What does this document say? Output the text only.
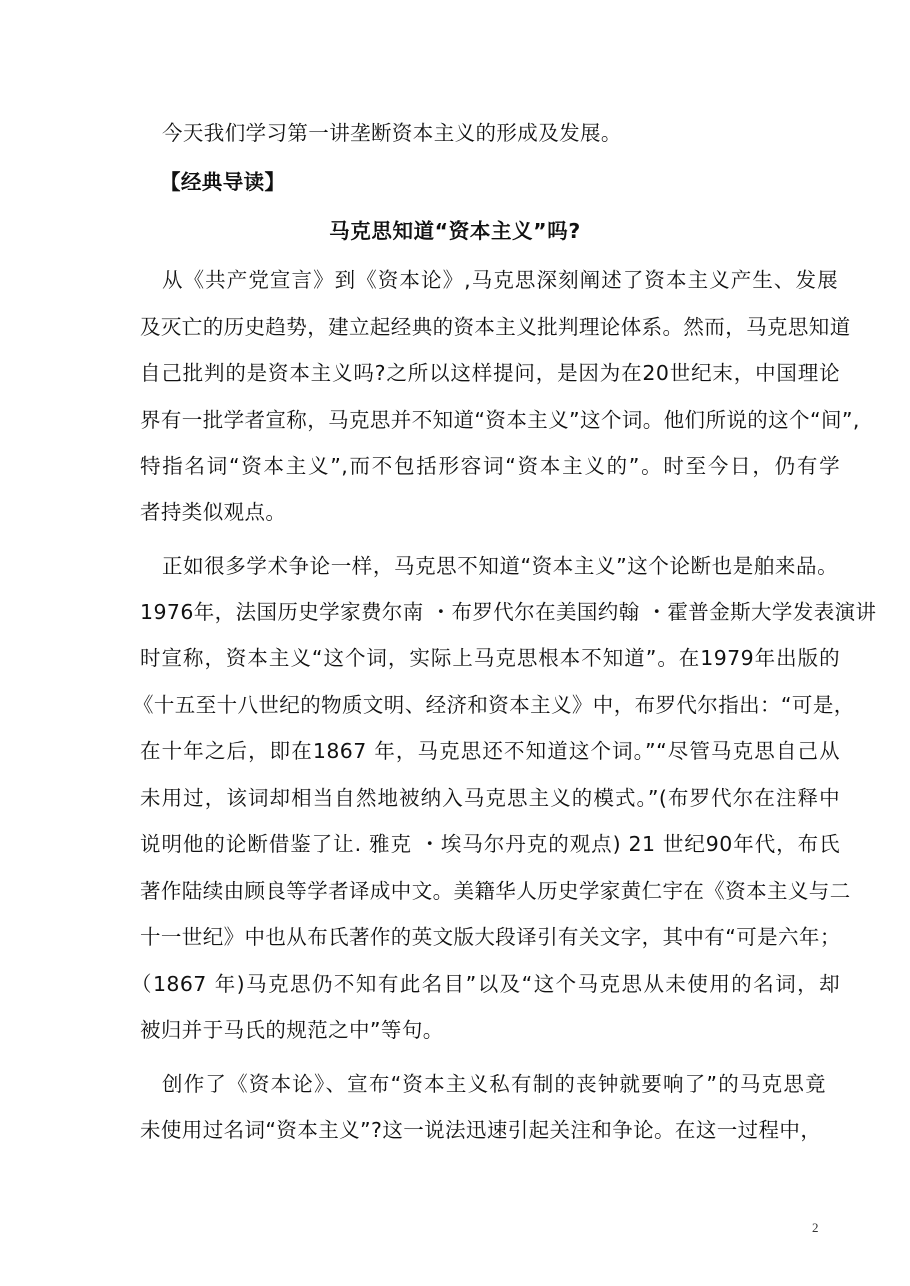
今天我们学习第一讲垄断资本主义的形成及发展。
【经典导读】
马克思知道“资本主义”吗?
从《共产党宣言》到《资本论》,马克思深刻阐述了资本主义产生、发展
及灭亡的历史趋势，建立起经典的资本主义批判理论体系。然而，马克思知道
自己批判的是资本主义吗?之所以这样提问，是因为在20世纪末，中国理论
界有一批学者宣称，马克思并不知道“资本主义”这个词。他们所说的这个“间”,
特指名词“资本主义”,而不包括形容词“资本主义的”。时至今日，仍有学
者持类似观点。
正如很多学术争论一样，马克思不知道“资本主义”这个论断也是舶来品。
1976年，法国历史学家费尔南 ・布罗代尔在美国约翰 ・霍普金斯大学发表演讲
时宣称，资本主义“这个词，实际上马克思根本不知道”。在1979年出版的
《十五至十八世纪的物质文明、经济和资本主义》中，布罗代尔指出：“可是，
在十年之后，即在1867 年，马克思还不知道这个词。”“尽管马克思自己从
未用过，该词却相当自然地被纳入马克思主义的模式。”(布罗代尔在注释中
说明他的论断借鉴了让. 雅克 ・埃马尔丹克的观点) 21 世纪90年代，布氏
著作陆续由顾良等学者译成中文。美籍华人历史学家黄仁宇在《资本主义与二
十一世纪》中也从布氏著作的英文版大段译引有关文字，其中有“可是六年；
（1867 年)马克思仍不知有此名目”以及“这个马克思从未使用的名词，却
被归并于马氏的规范之中”等句。
创作了《资本论》、宣布“资本主义私有制的丧钟就要响了”的马克思竟
未使用过名词“资本主义”?这一说法迅速引起关注和争论。在这一过程中，
2
